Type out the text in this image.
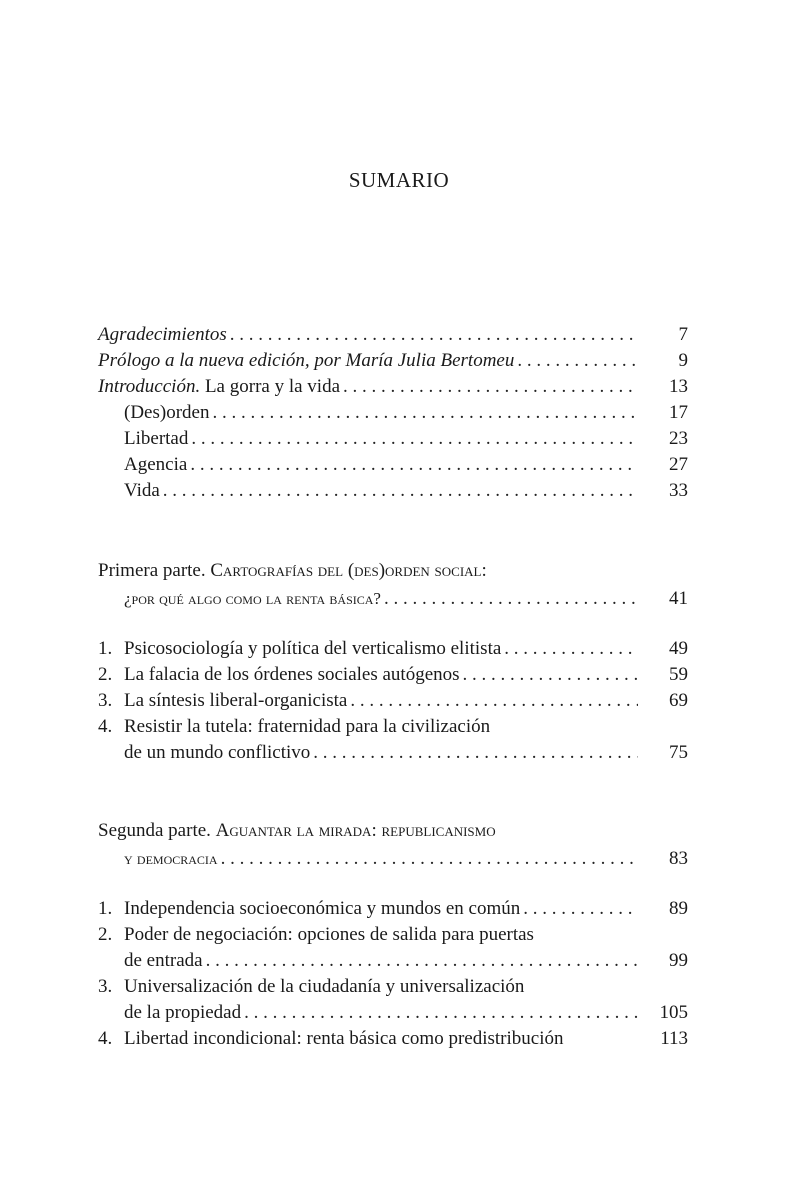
SUMARIO
Agradecimientos . . .	7
Prólogo a la nueva edición, por María Julia Bertomeu . . .	9
Introducción. La gorra y la vida . . .	13
(Des)orden . . .	17
Libertad . . .	23
Agencia . . .	27
Vida . . .	33
Primera parte. Cartografías del (des)orden social:
¿por qué algo como la renta básica? . . .	41
1. Psicosociología y política del verticalismo elitista . . .	49
2. La falacia de los órdenes sociales autógenos . . .	59
3. La síntesis liberal-organicista . . .	69
4. Resistir la tutela: fraternidad para la civilización
de un mundo conflictivo . . .	75
Segunda parte. Aguantar la mirada: republicanismo
y democracia . . .	83
1. Independencia socioeconómica y mundos en común . . .	89
2. Poder de negociación: opciones de salida para puertas
de entrada . . .	99
3. Universalización de la ciudadanía y universalización
de la propiedad . . .	105
4. Libertad incondicional: renta básica como predistribución	113
